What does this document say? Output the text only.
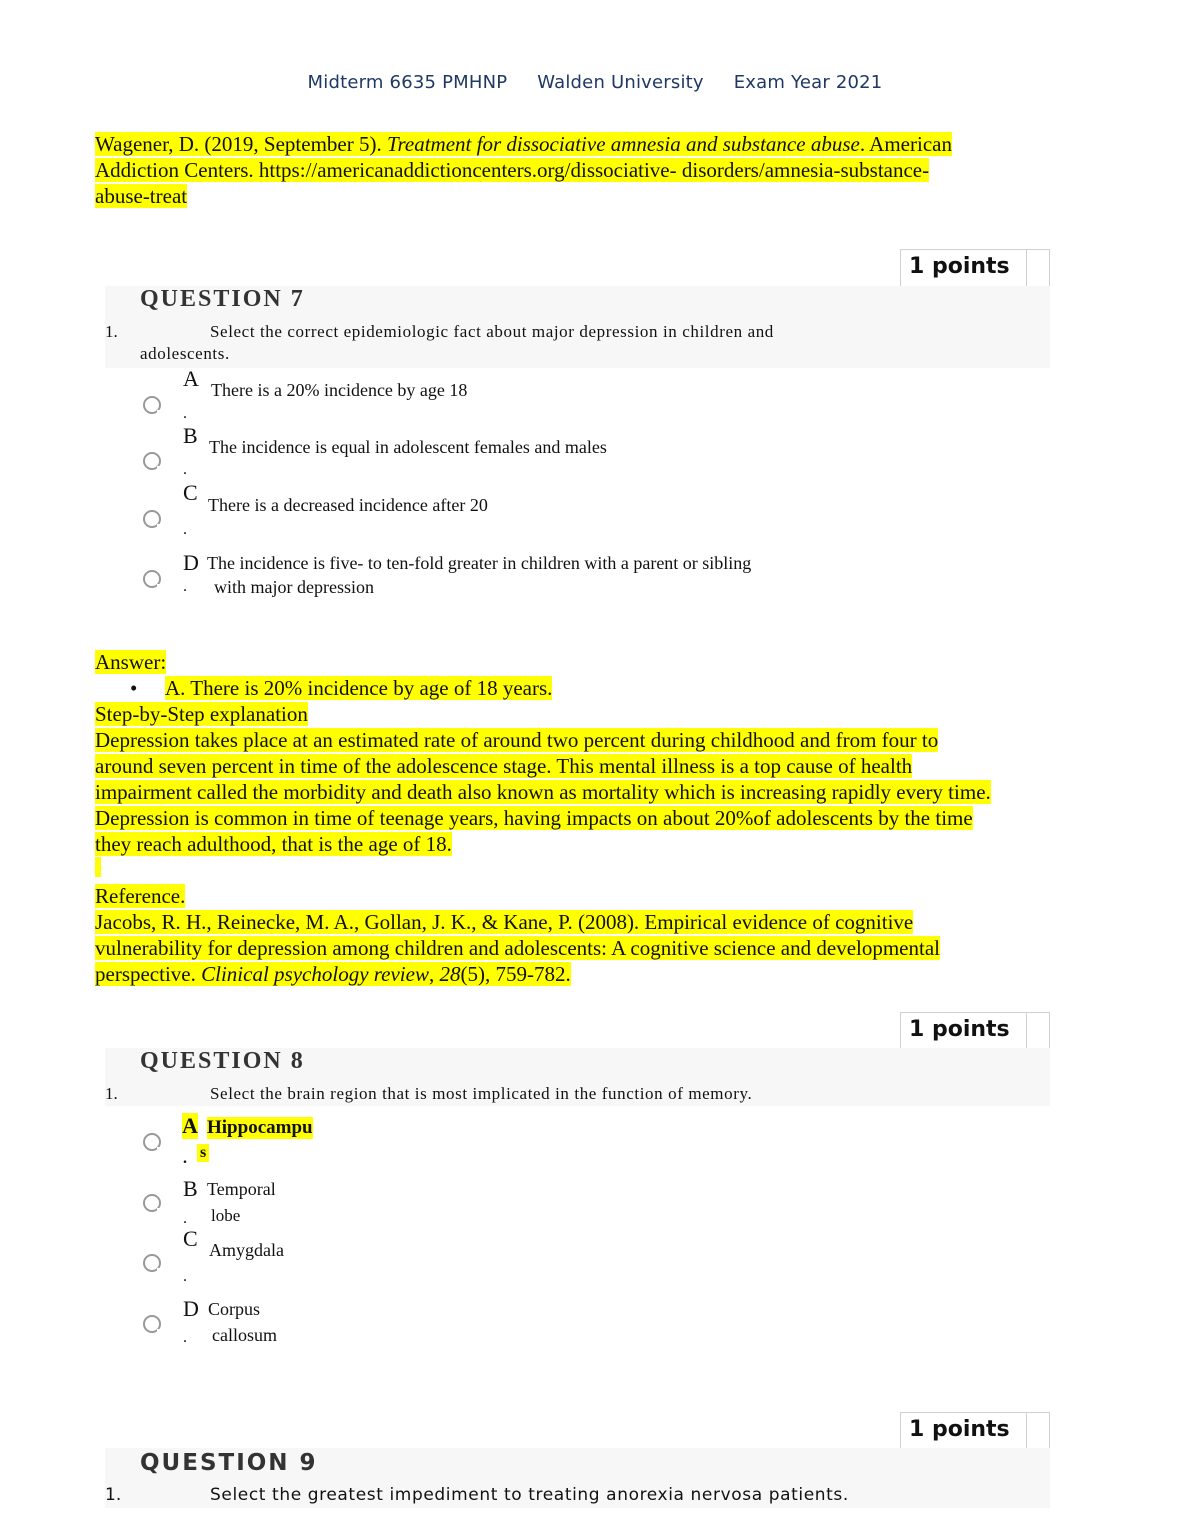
Midterm 6635 PMHNP Walden University Exam Year 2021
Wagener, D. (2019, September 5). Treatment for dissociative amnesia and substance abuse. American
Addiction Centers. https://americanaddictioncenters.org/dissociative- disorders/amnesia-substance-
abuse-treat
1 points
QUESTION 7
1.	Select the correct epidemiologic fact about major depression in children and
adolescents.
A
.
There is a 20% incidence by age 18
B
.
The incidence is equal in adolescent females and males
C
.
There is a decreased incidence after 20
D
.
The incidence is five- to ten-fold greater in children with a parent or sibling
with major depression
Answer:
• A. There is 20% incidence by age of 18 years.
Step-by-Step explanation
Depression takes place at an estimated rate of around two percent during childhood and from four to
around seven percent in time of the adolescence stage. This mental illness is a top cause of health
impairment called the morbidity and death also known as mortality which is increasing rapidly every time.
Depression is common in time of teenage years, having impacts on about 20%of adolescents by the time
they reach adulthood, that is the age of 18.
Reference.
Jacobs, R. H., Reinecke, M. A., Gollan, J. K., & Kane, P. (2008). Empirical evidence of cognitive
vulnerability for depression among children and adolescents: A cognitive science and developmental
perspective. Clinical psychology review, 28(5), 759-782.
1 points
QUESTION 8
1.	Select the brain region that is most implicated in the function of memory.
A
.
Hippocampu
s
B
.
Temporal
lobe
C
.
Amygdala
D
.
Corpus
callosum
1 points
QUESTION 9
1.	Select the greatest impediment to treating anorexia nervosa patients.
